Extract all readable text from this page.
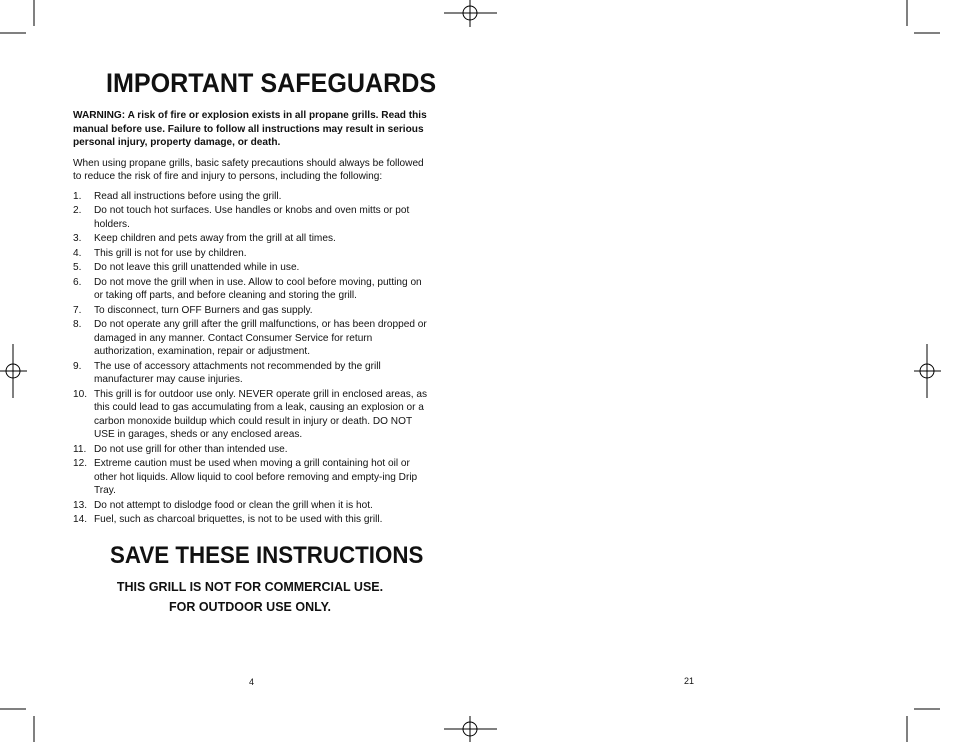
IMPORTANT SAFEGUARDS

WARNING: A risk of fire or explosion exists in all propane grills. Read this manual before use. Failure to follow all instructions may result in serious personal injury, property damage, or death.

When using propane grills, basic safety precautions should always be followed to reduce the risk of fire and injury to persons, including the following:

1. Read all instructions before using the grill.
2. Do not touch hot surfaces. Use handles or knobs and oven mitts or pot holders.
3. Keep children and pets away from the grill at all times.
4. This grill is not for use by children.
5. Do not leave this grill unattended while in use.
6. Do not move the grill when in use. Allow to cool before moving, putting on or taking off parts, and before cleaning and storing the grill.
7. To disconnect, turn OFF Burners and gas supply.
8. Do not operate any grill after the grill malfunctions, or has been dropped or damaged in any manner. Contact Consumer Service for return authorization, examination, repair or adjustment.
9. The use of accessory attachments not recommended by the grill manufacturer may cause injuries.
10. This grill is for outdoor use only. NEVER operate grill in enclosed areas, as this could lead to gas accumulating from a leak, causing an explosion or a carbon monoxide buildup which could result in injury or death. DO NOT USE in garages, sheds or any enclosed areas.
11. Do not use grill for other than intended use.
12. Extreme caution must be used when moving a grill containing hot oil or other hot liquids. Allow liquid to cool before removing and empty-ing Drip Tray.
13. Do not attempt to dislodge food or clean the grill when it is hot.
14. Fuel, such as charcoal briquettes, is not to be used with this grill.
SAVE THESE INSTRUCTIONS
THIS GRILL IS NOT FOR COMMERCIAL USE.
FOR OUTDOOR USE ONLY.
4	21
